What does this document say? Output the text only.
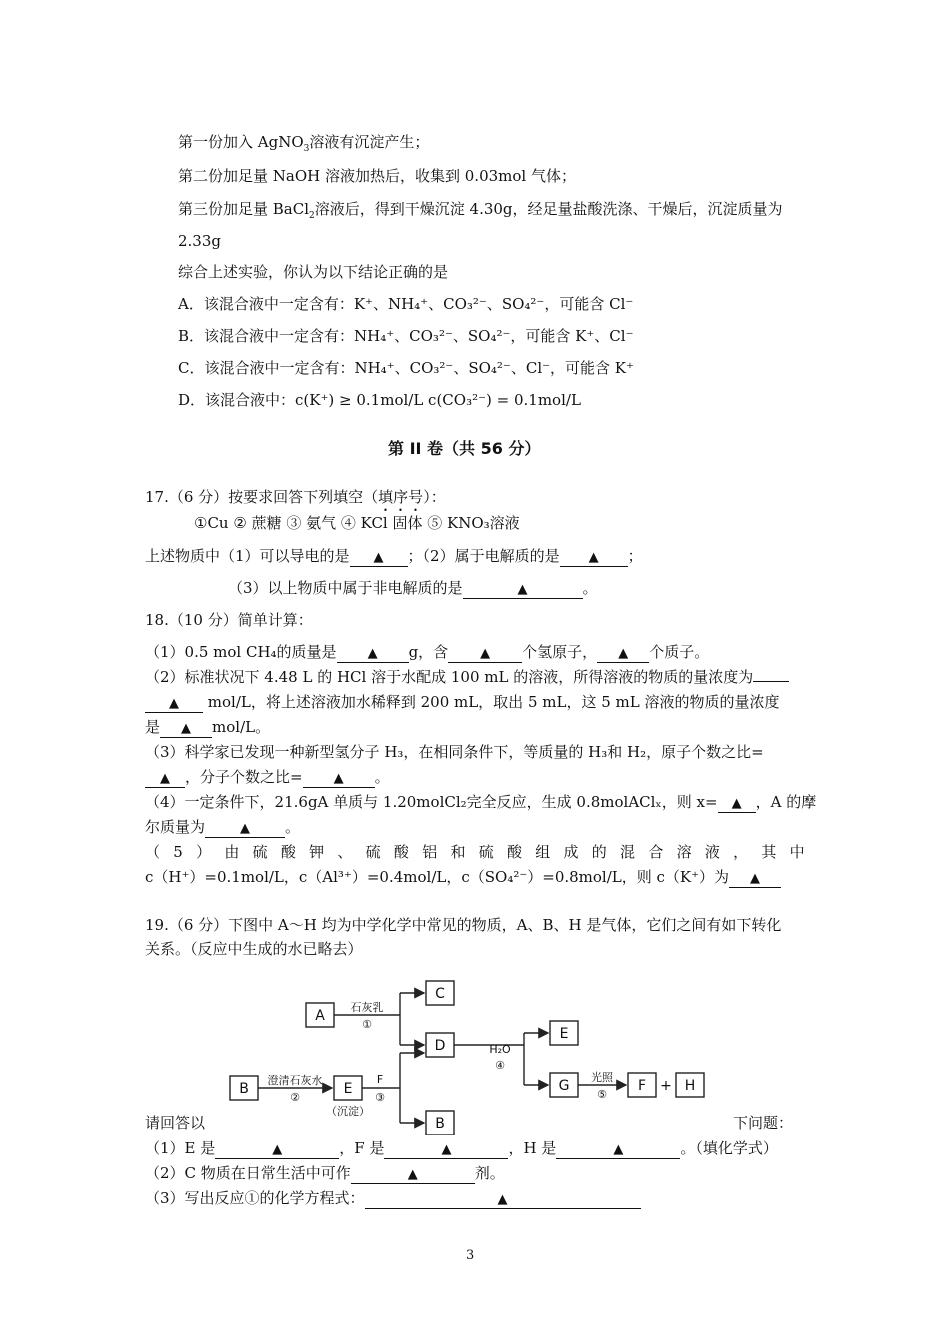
第一份加入 AgNO$_3$溶液有沉淀产生；
第二份加足量 NaOH 溶液加热后，收集到 0.03mol 气体；
第三份加足量 BaCl$_2$溶液后，得到干燥沉淀 4.30g，经足量盐酸洗涤、干燥后，沉淀质量为
2.33g
综合上述实验，你认为以下结论正确的是
A．该混合液中一定含有：K⁺、NH₄⁺、CO₃²⁻、SO₄²⁻，可能含 Cl⁻
B．该混合液中一定含有：NH₄⁺、CO₃²⁻、SO₄²⁻，可能含 K⁺、Cl⁻
C．该混合液中一定含有：NH₄⁺、CO₃²⁻、SO₄²⁻、Cl⁻，可能含 K⁺
D．该混合液中：c(K⁺) ≥ 0.1mol/L c(CO₃²⁻) = 0.1mol/L
第 II 卷（共 56 分）
17.（6 分）按要求回答下列填空（填序号）：
①Cu ② 蔗糖 ③ 氨气 ④ KCl 固体 ⑤ KNO₃溶液
上述物质中（1）可以导电的是 ▲ ；（2）属于电解质的是 ▲ ；
（3）以上物质中属于非电解质的是	▲	。
18.（10 分）简单计算：
（1）0.5 mol CH₄的质量是 ▲ g，含 ▲ 个氢原子， ▲ 个质子。
（2）标准状况下 4.48 L 的 HCl 溶于水配成 100 mL 的溶液，所得溶液的物质的量浓度为
▲ mol/L，将上述溶液加水稀释到 200 mL，取出 5 mL，这 5 mL 溶液的物质的量浓度
是 ▲ mol/L。
（3）科学家已发现一种新型氢分子 H₃，在相同条件下，等质量的 H₃和 H₂，原子个数之比=
▲ ，分子个数之比= ▲ 。
（4）一定条件下，21.6gA 单质与 1.20molCl₂完全反应，生成 0.8molAClₓ，则 x= ▲ ，A 的摩
尔质量为	▲ 。
（ 5 ） 由 硫 酸 钾 、 硫 酸 铝 和 硫 酸 组 成 的 混 合 溶 液 ， 其 中
c（H⁺）=0.1mol/L，c（Al³⁺）=0.4mol/L，c（SO₄²⁻）=0.8mol/L，则 c（K⁺）为 ▲
19.（6 分）下图中 A～H 均为中学化学中常见的物质，A、B、H 是气体，它们之间有如下转化
关系。（反应中生成的水已略去）
A
C
D
B	E
B
E
G	F	H
+
石灰乳
①
澄清石灰水
②
F
③
H₂O
④
光照
⑤
（沉淀）
请回答以	下问题：
（1）E 是	▲	，F 是	▲	，H 是	▲	。（填化学式）
（2）C 物质在日常生活中可作	▲	剂。
（3）写出反应①的化学方程式：	▲
3
